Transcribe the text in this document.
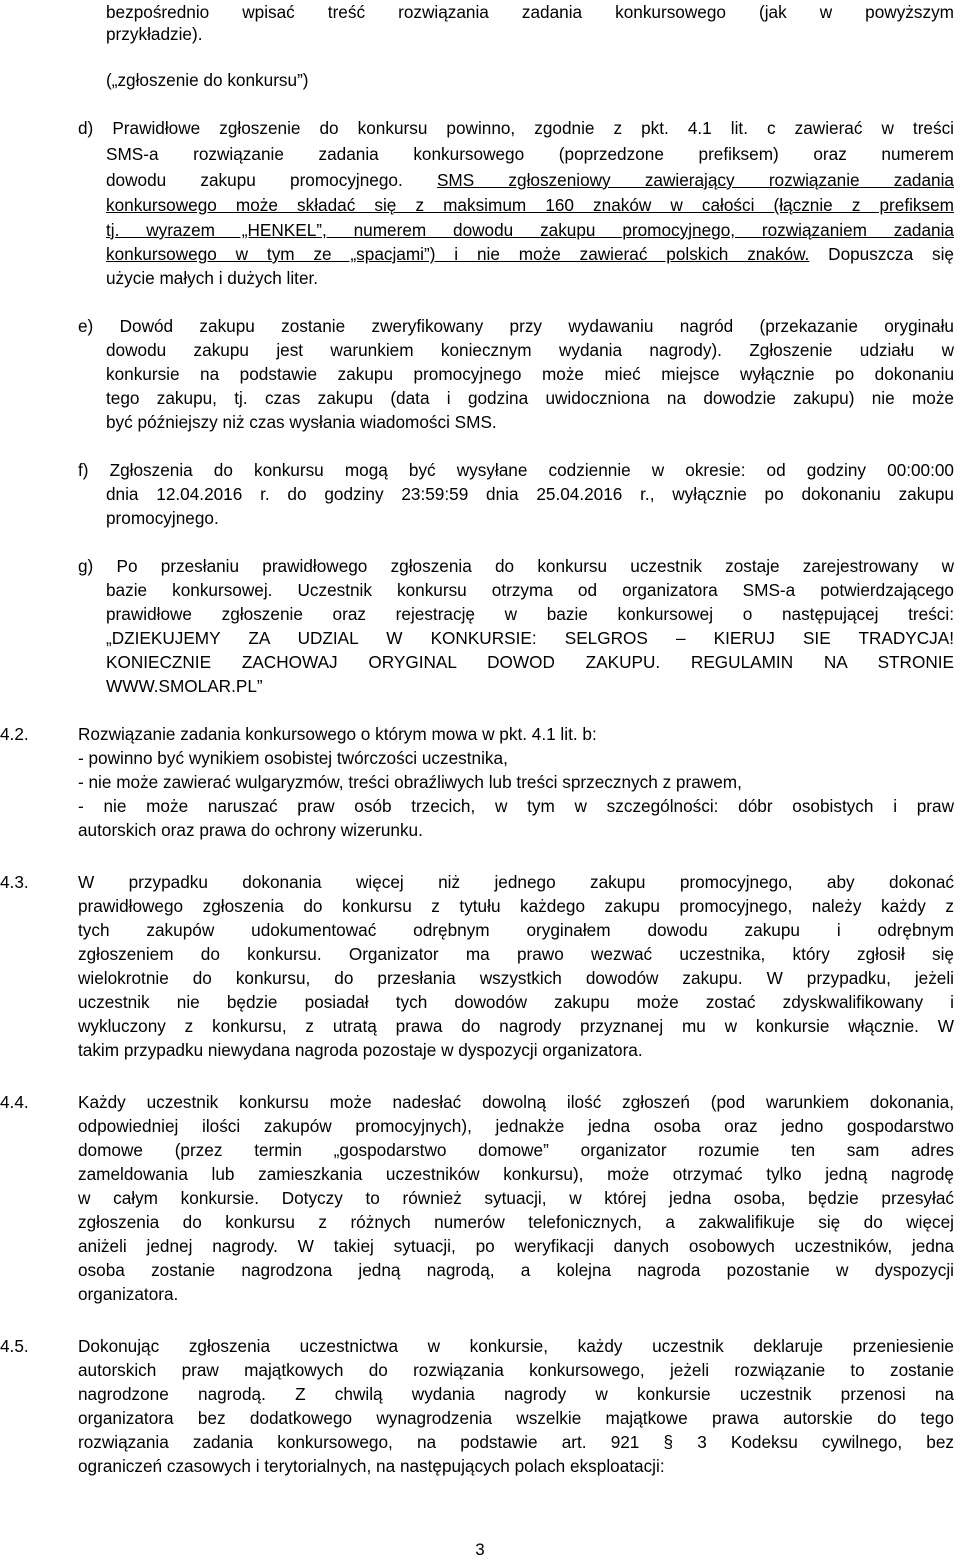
bezpośrednio wpisać treść rozwiązania zadania konkursowego (jak w powyższym
przykładzie).
(„zgłoszenie do konkursu”)
d) Prawidłowe zgłoszenie do konkursu powinno, zgodnie z pkt. 4.1 lit. c zawierać w treści
SMS-a rozwiązanie zadania konkursowego (poprzedzone prefiksem) oraz numerem
dowodu zakupu promocyjnego. SMS zgłoszeniowy zawierający rozwiązanie zadania
konkursowego może składać się z maksimum 160 znaków w całości (łącznie z prefiksem
tj. wyrazem „HENKEL”, numerem dowodu zakupu promocyjnego, rozwiązaniem zadania
konkursowego w tym ze „spacjami”) i nie może zawierać polskich znaków. Dopuszcza się
użycie małych i dużych liter.
e) Dowód zakupu zostanie zweryfikowany przy wydawaniu nagród (przekazanie oryginału
dowodu zakupu jest warunkiem koniecznym wydania nagrody). Zgłoszenie udziału w
konkursie na podstawie zakupu promocyjnego może mieć miejsce wyłącznie po dokonaniu
tego zakupu, tj. czas zakupu (data i godzina uwidoczniona na dowodzie zakupu) nie może
być późniejszy niż czas wysłania wiadomości SMS.
f) Zgłoszenia do konkursu mogą być wysyłane codziennie w okresie: od godziny 00:00:00
dnia 12.04.2016 r. do godziny 23:59:59 dnia 25.04.2016 r., wyłącznie po dokonaniu zakupu
promocyjnego.
g) Po przesłaniu prawidłowego zgłoszenia do konkursu uczestnik zostaje zarejestrowany w
bazie konkursowej. Uczestnik konkursu otrzyma od organizatora SMS-a potwierdzającego
prawidłowe zgłoszenie oraz rejestrację w bazie konkursowej o następującej treści:
„DZIEKUJEMY ZA UDZIAL W KONKURSIE: SELGROS – KIERUJ SIE TRADYCJA!
KONIECZNIE ZACHOWAJ ORYGINAL DOWOD ZAKUPU. REGULAMIN NA STRONIE
WWW.SMOLAR.PL”
4.2.	Rozwiązanie zadania konkursowego o którym mowa w pkt. 4.1 lit. b:
- powinno być wynikiem osobistej twórczości uczestnika,
- nie może zawierać wulgaryzmów, treści obraźliwych lub treści sprzecznych z prawem,
- nie może naruszać praw osób trzecich, w tym w szczególności: dóbr osobistych i praw
autorskich oraz prawa do ochrony wizerunku.
4.3.	W przypadku dokonania więcej niż jednego zakupu promocyjnego, aby dokonać
prawidłowego zgłoszenia do konkursu z tytułu każdego zakupu promocyjnego, należy każdy z
tych zakupów udokumentować odrębnym oryginałem dowodu zakupu i odrębnym
zgłoszeniem do konkursu. Organizator ma prawo wezwać uczestnika, który zgłosił się
wielokrotnie do konkursu, do przesłania wszystkich dowodów zakupu. W przypadku, jeżeli
uczestnik nie będzie posiadał tych dowodów zakupu może zostać zdyskwalifikowany i
wykluczony z konkursu, z utratą prawa do nagrody przyznanej mu w konkursie włącznie. W
takim przypadku niewydana nagroda pozostaje w dyspozycji organizatora.
4.4.	Każdy uczestnik konkursu może nadesłać dowolną ilość zgłoszeń (pod warunkiem dokonania,
odpowiedniej ilości zakupów promocyjnych), jednakże jedna osoba oraz jedno gospodarstwo
domowe (przez termin „gospodarstwo domowe” organizator rozumie ten sam adres
zameldowania lub zamieszkania uczestników konkursu), może otrzymać tylko jedną nagrodę
w całym konkursie. Dotyczy to również sytuacji, w której jedna osoba, będzie przesyłać
zgłoszenia do konkursu z różnych numerów telefonicznych, a zakwalifikuje się do więcej
aniżeli jednej nagrody. W takiej sytuacji, po weryfikacji danych osobowych uczestników, jedna
osoba zostanie nagrodzona jedną nagrodą, a kolejna nagroda pozostanie w dyspozycji
organizatora.
4.5.	Dokonując zgłoszenia uczestnictwa w konkursie, każdy uczestnik deklaruje przeniesienie
autorskich praw majątkowych do rozwiązania konkursowego, jeżeli rozwiązanie to zostanie
nagrodzone nagrodą. Z chwilą wydania nagrody w konkursie uczestnik przenosi na
organizatora bez dodatkowego wynagrodzenia wszelkie majątkowe prawa autorskie do tego
rozwiązania zadania konkursowego, na podstawie art. 921 § 3 Kodeksu cywilnego, bez
ograniczeń czasowych i terytorialnych, na następujących polach eksploatacji:
3
